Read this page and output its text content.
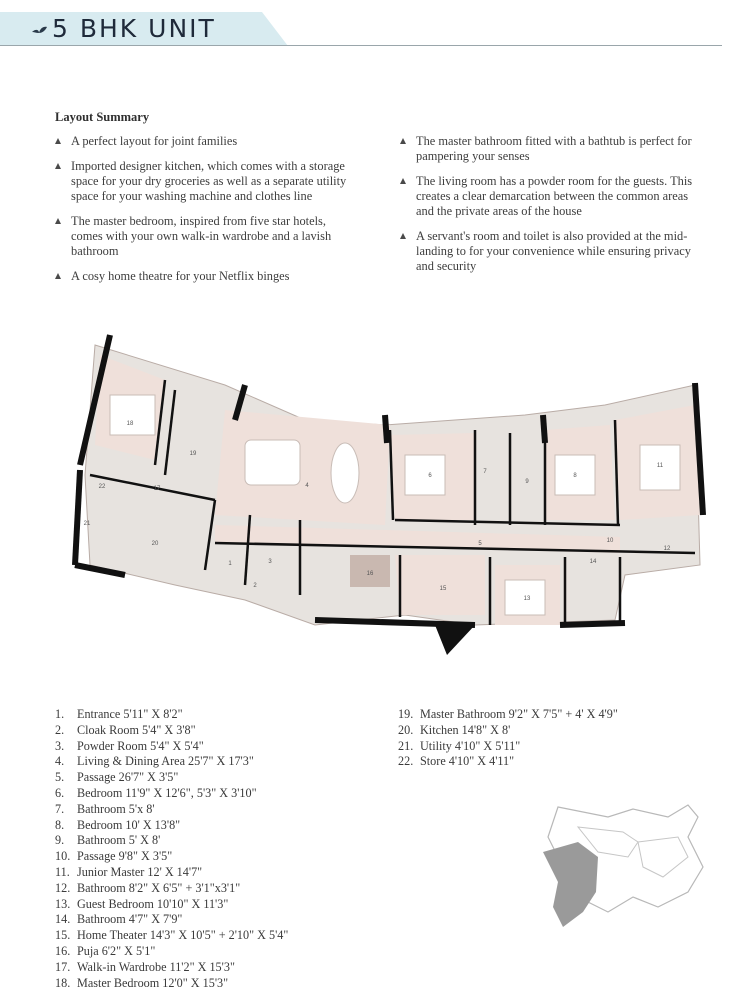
5 BHK UNIT
Layout Summary
A perfect layout for joint families
Imported designer kitchen, which comes with a storage space for your dry groceries as well as a separate utility space for your washing machine and clothes line
The master bedroom, inspired from five star hotels, comes with your own walk-in wardrobe and a lavish bathroom
A cosy home theatre for your Netflix binges
The master bathroom fitted with a bathtub is perfect for pampering your senses
The living room has a powder room for the guests. This creates a clear demarcation between the common areas and the private areas of the house
A servant's room and toilet is also provided at the mid-landing to for your convenience while ensuring privacy and security
1
2
3
4
5
6
7
8
9
10
11
12
13
14
15
16
17
18
19
20
21
22
1. Entrance 5'11" X 8'2"
2. Cloak Room 5'4" X 3'8"
3. Powder Room 5'4" X 5'4"
4. Living & Dining Area 25'7" X 17'3"
5. Passage 26'7" X 3'5"
6. Bedroom 11'9" X 12'6", 5'3" X 3'10"
7. Bathroom 5'x 8'
8. Bedroom 10' X 13'8"
9. Bathroom 5' X 8'
10. Passage 9'8" X 3'5"
11. Junior Master 12' X 14'7"
12. Bathroom 8'2" X 6'5" + 3'1"x3'1"
13. Guest Bedroom 10'10" X 11'3"
14. Bathroom 4'7" X 7'9"
15. Home Theater 14'3" X 10'5" + 2'10" X 5'4"
16. Puja 6'2" X 5'1"
17. Walk-in Wardrobe 11'2" X 15'3"
18. Master Bedroom 12'0" X 15'3"
19. Master Bathroom 9'2" X 7'5" + 4' X 4'9"
20. Kitchen 14'8" X 8'
21. Utility 4'10" X 5'11"
22. Store 4'10" X 4'11"
